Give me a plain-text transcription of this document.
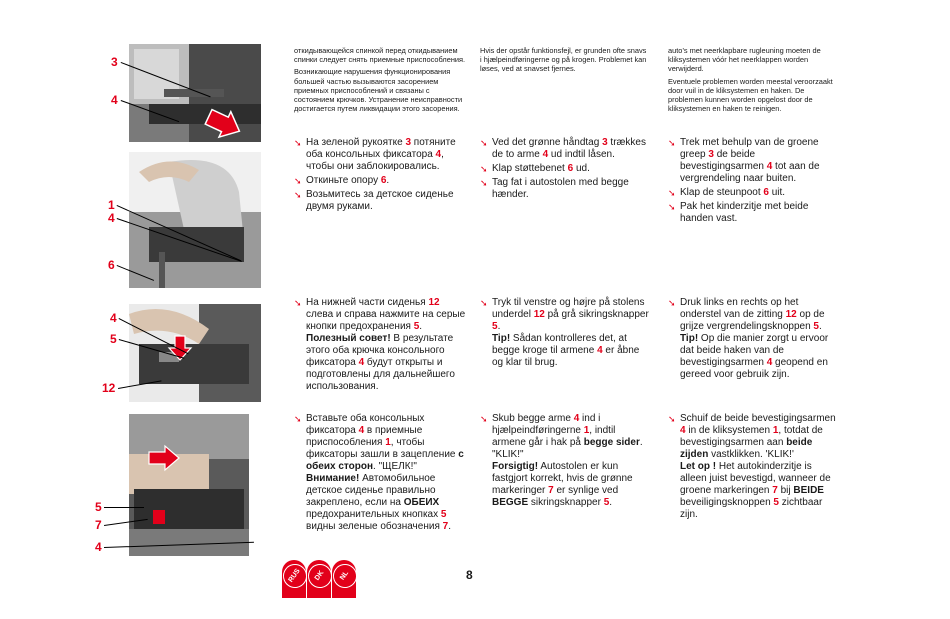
3
4
1
4
6
4
5
12
5
7
4

откидывающейся спинкой перед откидыванием спинки следует снять приемные приспособления.

Возникающие нарушения функционирования большей частью вызываются засорением приемных приспособлений и связаны с состоянием крючков. Устранение неисправности достигается путем ликвидации этого засорения.

➘ На зеленой рукоятке 3 потяните оба консольных фиксатора 4, чтобы они заблокировались.

➘ Откиньте опору 6.

➘ Возьмитесь за детское сиденье двумя руками.

➘ На нижней части сиденья 12 слева и справа нажмите на серые кнопки предохранения 5.
Полезный совет! В результате этого оба крючка консольного фиксатора 4 будут открыты и подготовлены для дальнейшего использования.

➘ Вставьте оба консольных фиксатора 4 в приемные приспособления 1, чтобы фиксаторы зашли в зацепление с обеих сторон. "ЩЕЛК!"
Внимание! Автомобильное детское сиденье правильно закреплено, если на ОБЕИХ предохранительных кнопках 5 видны зеленые обозначения 7.

Hvis der opstår funktionsfejl, er grunden ofte snavs i hjælpeindføringerne og på krogen. Problemet kan løses, ved at snavset fjernes.

➘ Ved det grønne håndtag 3 trækkes de to arme 4 ud indtil låsen.

➘ Klap støttebenet 6 ud.

➘ Tag fat i autostolen med begge hænder.

➘ Tryk til venstre og højre på stolens underdel 12 på grå sikringsknapper 5.
Tip! Sådan kontrolleres det, at begge kroge til armene 4 er åbne og klar til brug.

➘ Skub begge arme 4 ind i hjælpeindføringerne 1, indtil armene går i hak på begge sider. "KLIK!"
Forsigtig! Autostolen er kun fastgjort korrekt, hvis de grønne markeringer 7 er synlige ved BEGGE sikringsknapper 5.

auto’s met neerklapbare rugleuning moeten de kliksystemen vóór het neerklappen worden verwijderd.

Eventuele problemen worden meestal veroorzaakt door vuil in de kliksystemen en haken. De problemen kunnen worden opgelost door de kliksystemen en haken te reinigen.

➘ Trek met behulp van de groene greep 3 de beide bevestigingsarmen 4 tot aan de vergrendeling naar buiten.

➘ Klap de steunpoot 6 uit.

➘ Pak het kinderzitje met beide handen vast.

➘ Druk links en rechts op het onderstel van de zitting 12 op de grijze vergrendelingsknoppen 5.
Tip! Op die manier zorgt u ervoor dat beide haken van de bevestigingsarmen 4 geopend en gereed voor gebruik zijn.

➘ Schuif de beide bevestigingsarmen 4 in de kliksystemen 1, totdat de bevestigingsarmen aan beide zijden vastklikken. 'KLIK!'
Let op ! Het autokinderzitje is alleen juist bevestigd, wanneer de groene markeringen 7 bij BEIDE beveiligingsknoppen 5 zichtbaar zijn.

RUS	DK	NL	8
